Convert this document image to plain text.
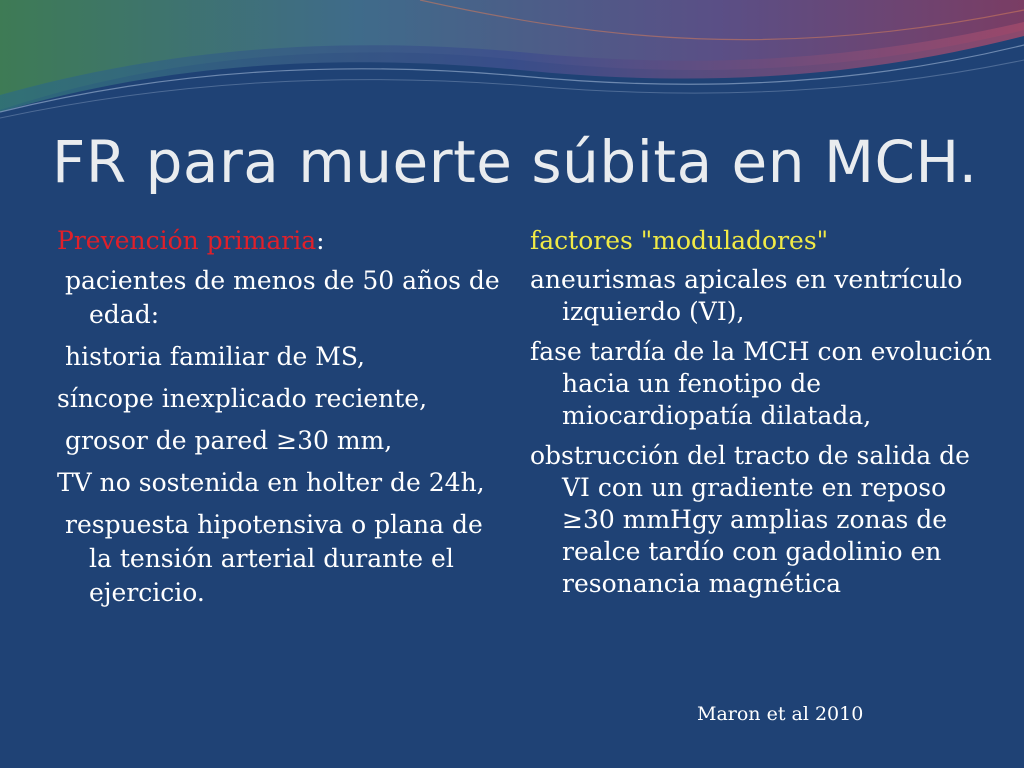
FR para muerte súbita en MCH.
Prevención primaria:
pacientes de menos de 50 años de edad:
historia familiar de MS,
síncope inexplicado reciente,
grosor de pared ≥30 mm,
TV no sostenida en holter de 24h,
respuesta hipotensiva o plana de la tensión arterial durante el ejercicio.
factores "moduladores"
aneurismas apicales en ventrículo izquierdo (VI),
fase tardía de la MCH con evolución hacia un fenotipo de miocardiopatía dilatada,
obstrucción del tracto de salida de VI con un gradiente en reposo ≥30 mmHgy amplias zonas de realce tardío con gadolinio en resonancia magnética
Maron et al 2010
